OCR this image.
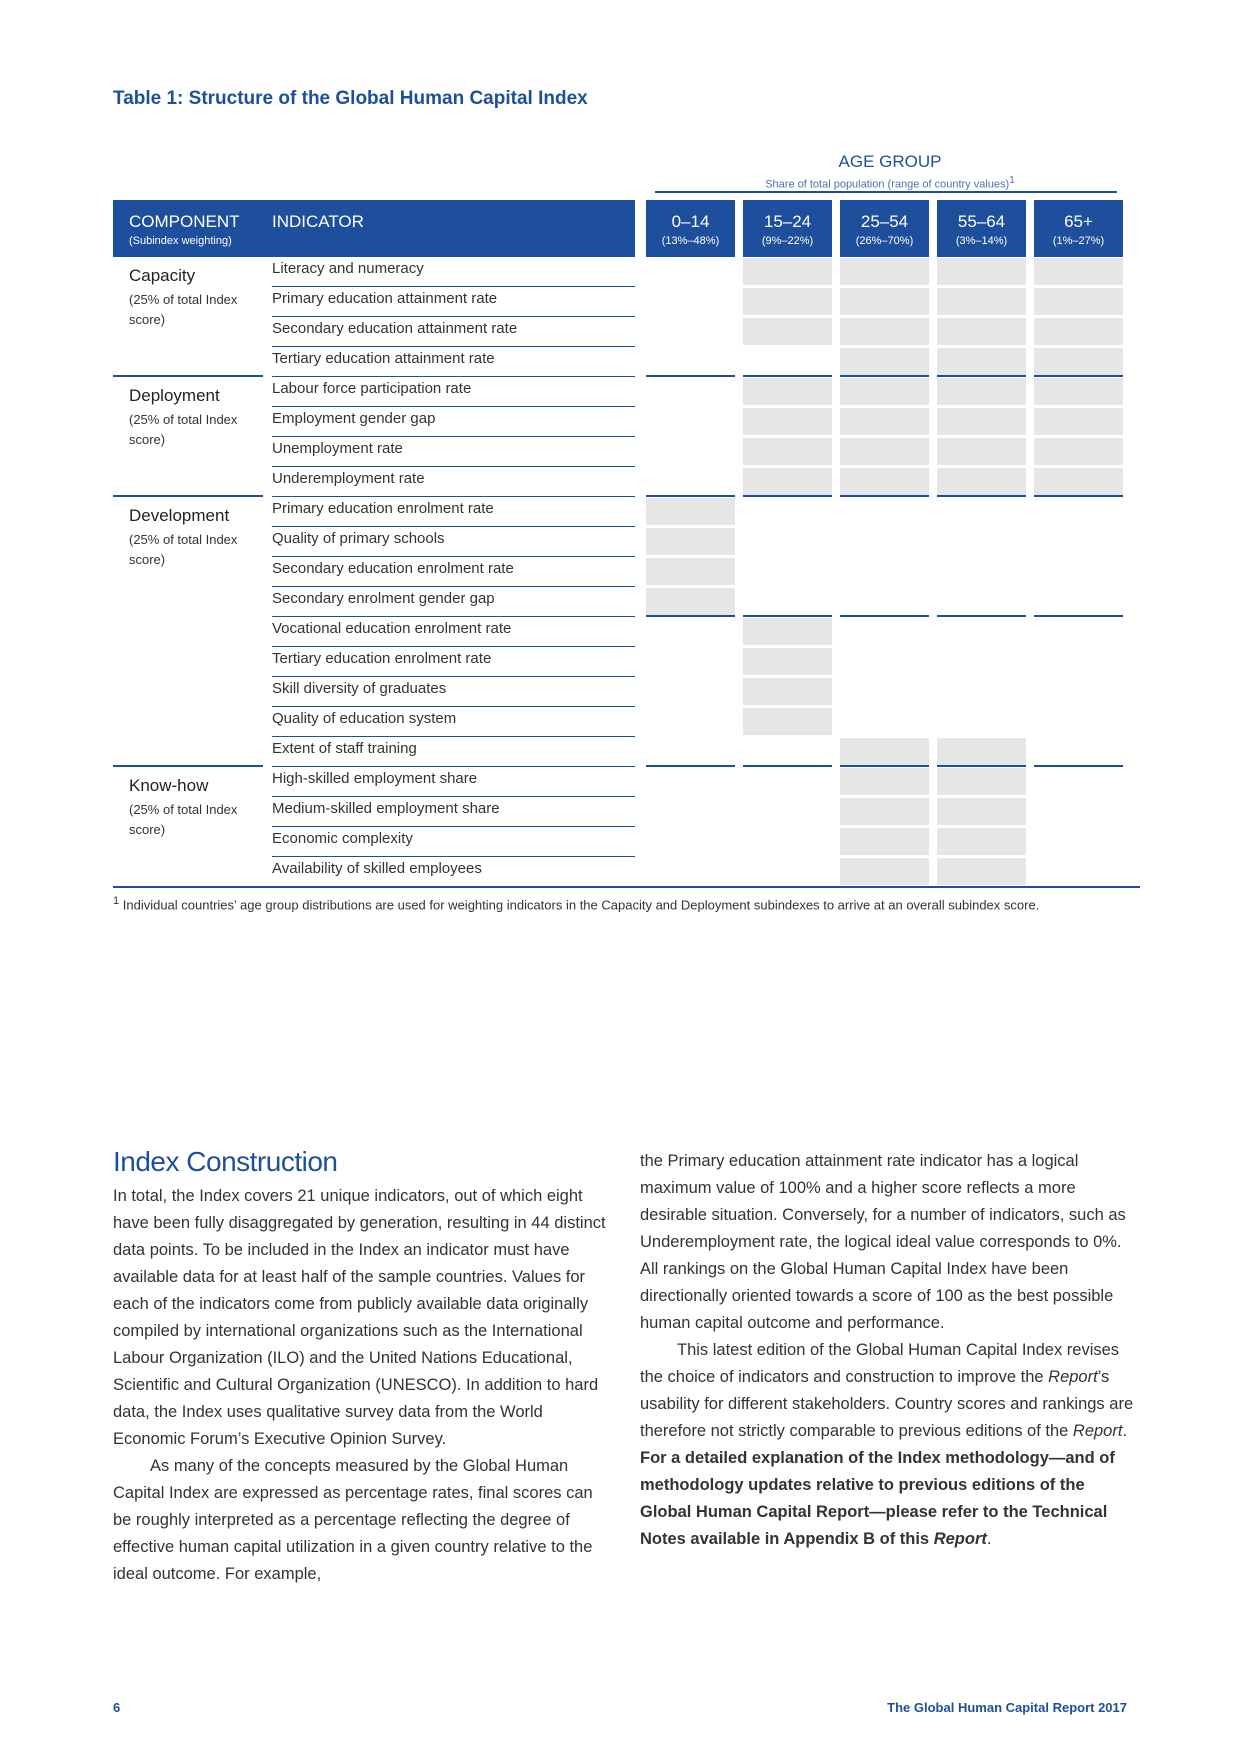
Table 1: Structure of the Global Human Capital Index
AGE GROUP
Share of total population (range of country values)$^1$
COMPONENT
(Subindex weighting)
INDICATOR	0–14
(13%–48%)
15–24
(9%–22%)
25–54
(26%–70%)
55–64
(3%–14%)
65+
(1%–27%)
Capacity
(25% of total Index score)
Deployment
(25% of total Index score)
Development
(25% of total Index score)
Know-how
(25% of total Index score)
Literacy and numeracy
Primary education attainment rate
Secondary education attainment rate
Tertiary education attainment rate
Labour force participation rate
Employment gender gap
Unemployment rate
Underemployment rate
Primary education enrolment rate
Quality of primary schools
Secondary education enrolment rate
Secondary enrolment gender gap
Vocational education enrolment rate
Tertiary education enrolment rate
Skill diversity of graduates
Quality of education system
Extent of staff training
High-skilled employment share
Medium-skilled employment share
Economic complexity
Availability of skilled employees
$^1$ Individual countries’ age group distributions are used for weighting indicators in the Capacity and Deployment subindexes to arrive at an overall subindex score.
Index Construction

In total, the Index covers 21 unique indicators, out of which eight have been fully disaggregated by generation, resulting in 44 distinct data points. To be included in the Index an indicator must have available data for at least half of the sample countries. Values for each of the indicators come from publicly available data originally compiled by international organizations such as the International Labour Organization (ILO) and the United Nations Educational, Scientific and Cultural Organization (UNESCO). In addition to hard data, the Index uses qualitative survey data from the World Economic Forum’s Executive Opinion Survey.

As many of the concepts measured by the Global Human Capital Index are expressed as percentage rates, final scores can be roughly interpreted as a percentage reflecting the degree of effective human capital utilization in a given country relative to the ideal outcome. For example,

the Primary education attainment rate indicator has a logical maximum value of 100% and a higher score reflects a more desirable situation. Conversely, for a number of indicators, such as Underemployment rate, the logical ideal value corresponds to 0%. All rankings on the Global Human Capital Index have been directionally oriented towards a score of 100 as the best possible human capital outcome and performance.

This latest edition of the Global Human Capital Index revises the choice of indicators and construction to improve the Report’s usability for different stakeholders. Country scores and rankings are therefore not strictly comparable to previous editions of the Report. For a detailed explanation of the Index methodology—and of methodology updates relative to previous editions of the Global Human Capital Report—please refer to the Technical Notes available in Appendix B of this Report.

6	The Global Human Capital Report 2017
